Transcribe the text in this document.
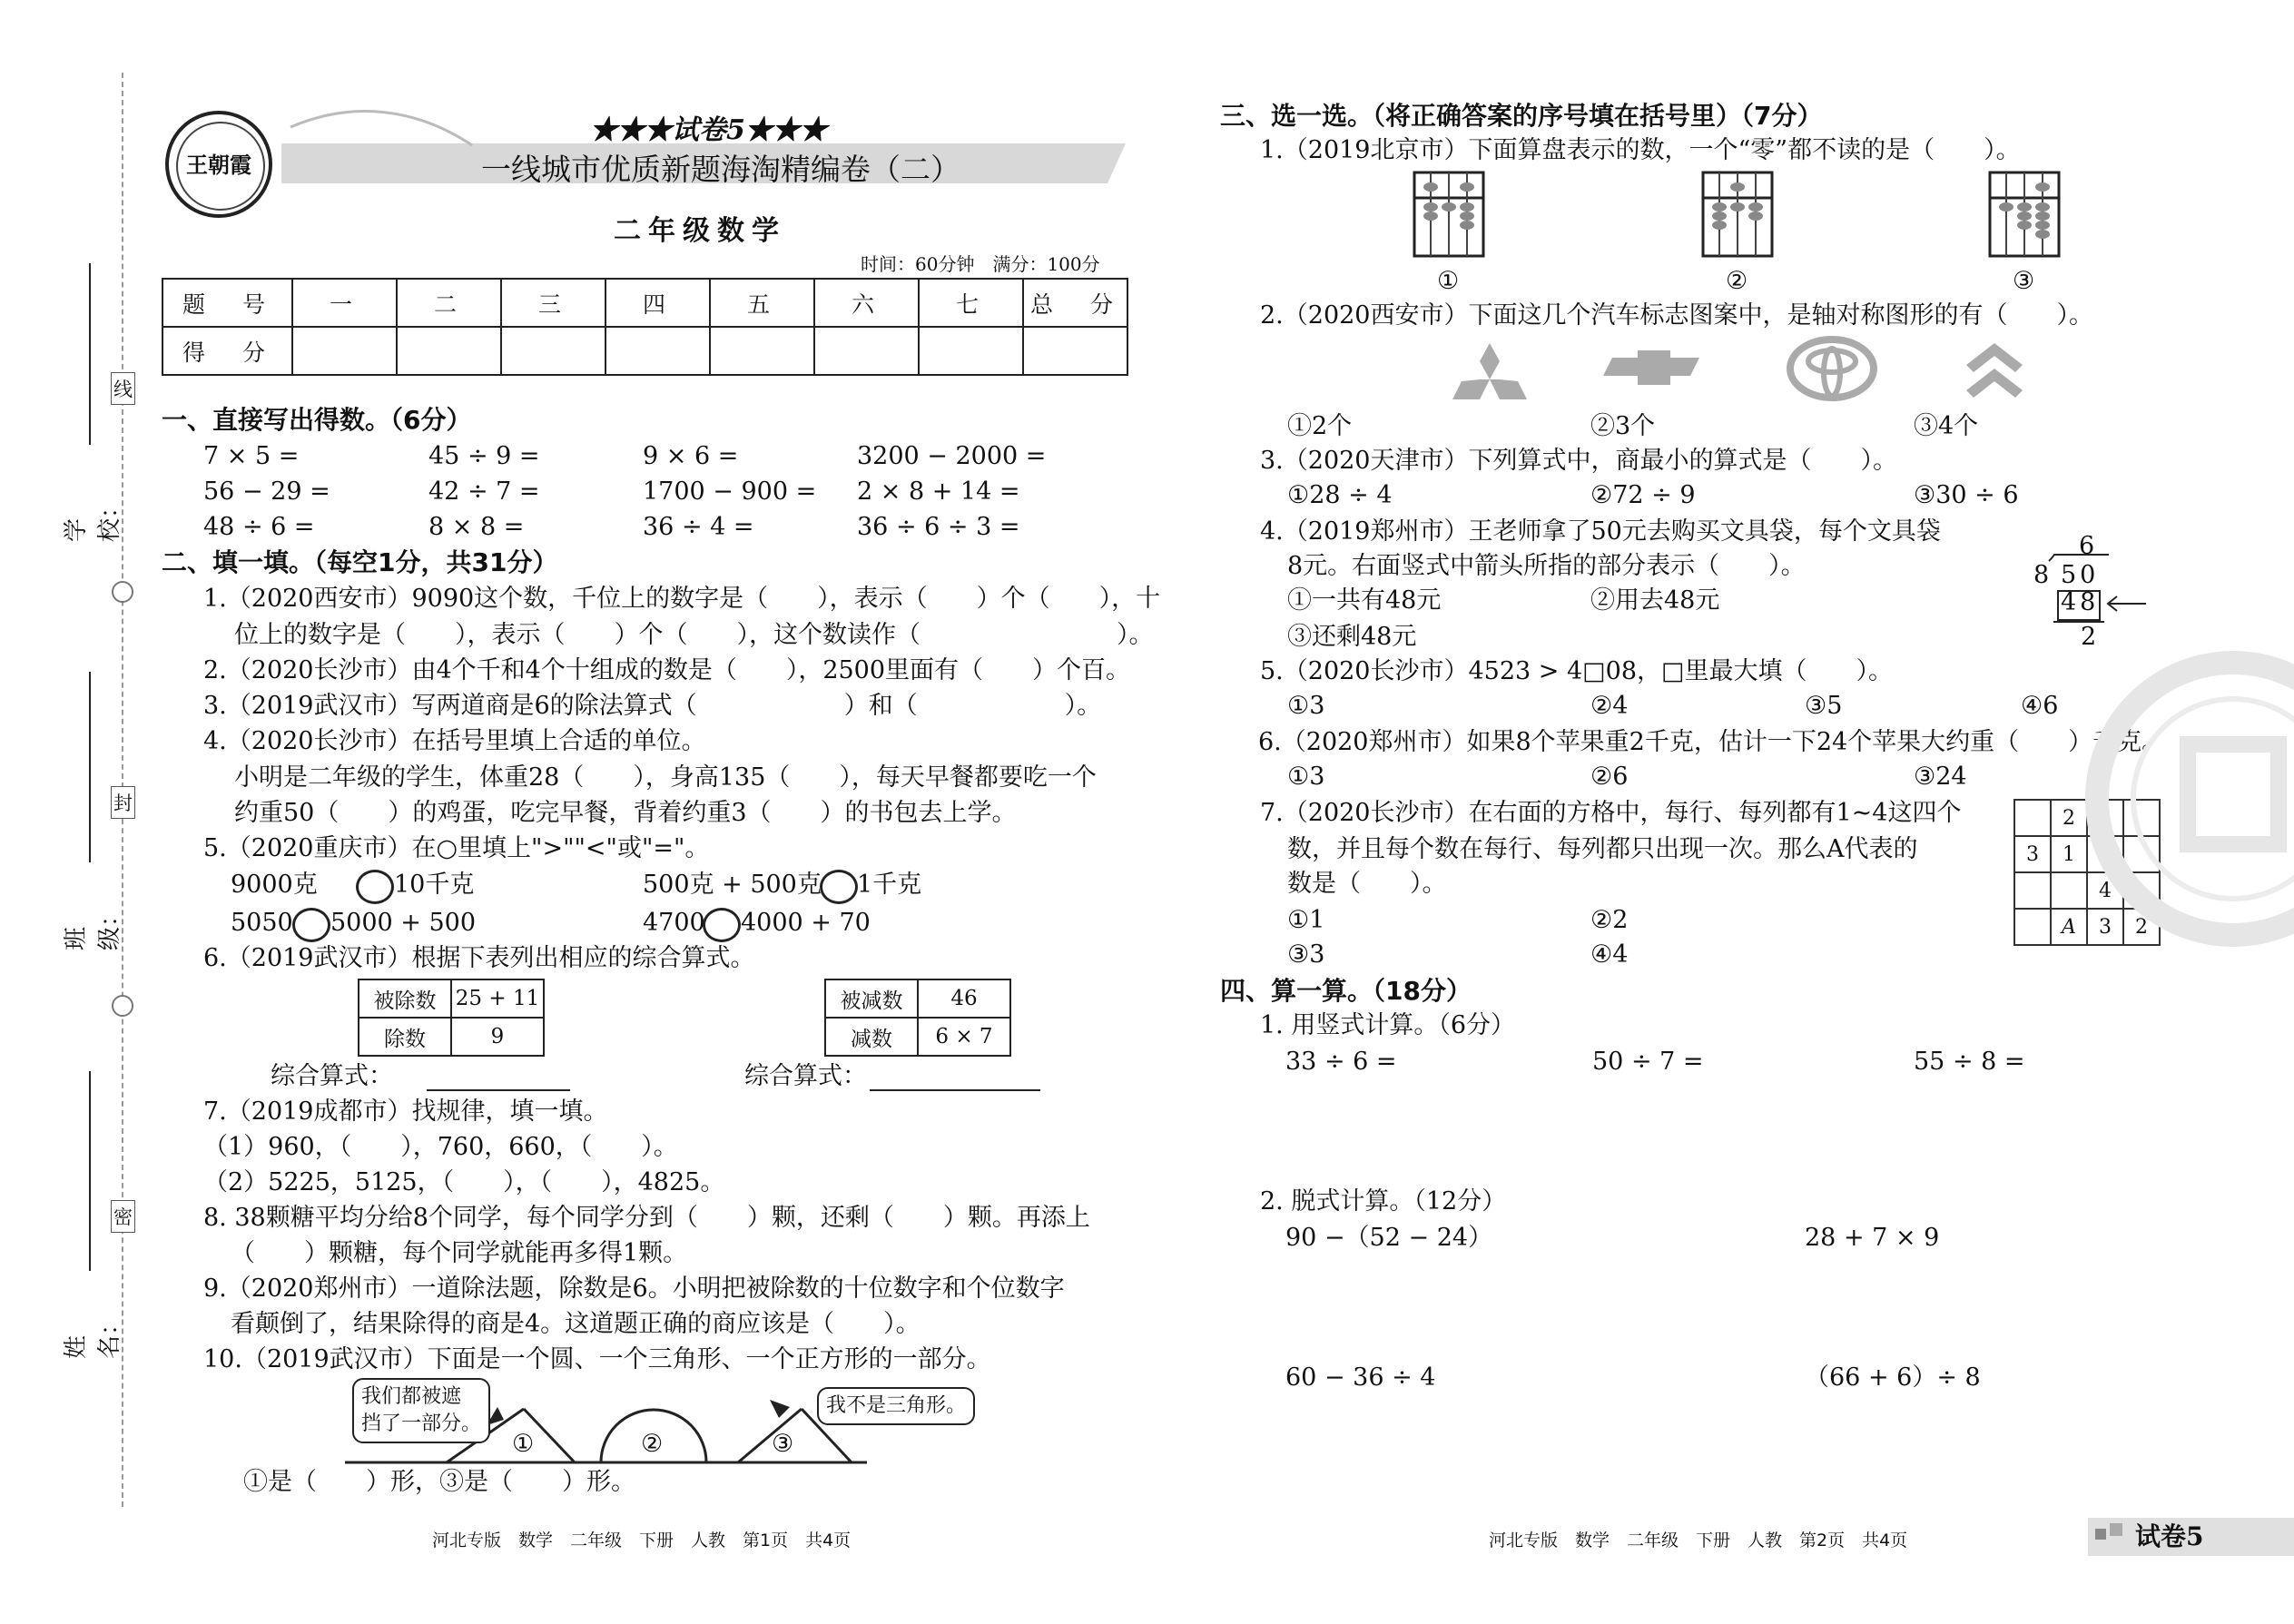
学校：
班级：
姓名：
线
封
密
王朝霞
★★★试卷5★★★
一线城市优质新题海淘精编卷（二）
二年级数学
时间：60分钟　满分：100分
题　号	一	二	三	四	五	六	七	总　分
得　分								
一、直接写出得数。（6分）
7 × 5 =	45 ÷ 9 =	9 × 6 =	3200 − 2000 =
56 − 29 =	42 ÷ 7 =	1700 − 900 = 2 × 8 + 14 =
48 ÷ 6 =	8 × 8 =	36 ÷ 4 =	36 ÷ 6 ÷ 3 =
二、填一填。（每空1分，共31分）
1.（2020西安市）9090这个数，千位上的数字是（　　），表示（　　）个（　　），十
位上的数字是（　　），表示（　　）个（　　），这个数读作（　　　　　　　　）。
2.（2020长沙市）由4个千和4个十组成的数是（　　），2500里面有（　　）个百。
3.（2019武汉市）写两道商是6的除法算式（　　　　　　）和（　　　　　　）。
4.（2020长沙市）在括号里填上合适的单位。
小明是二年级的学生，体重28（　　），身高135（　　），每天早餐都要吃一个
约重50（　　）的鸡蛋，吃完早餐，背着约重3（　　）的书包去上学。
5.（2020重庆市）在○里填上">""<"或"="。
9000克	10千克	500克 + 500克 1千克
5050 5000 + 500	4700 4000 + 70
6.（2019武汉市）根据下表列出相应的综合算式。
被除数	25 + 11
除数	9
被减数	46
减数	6 × 7
综合算式：	综合算式：
7.（2019成都市）找规律，填一填。
（1）960，（　　），760，660，（　　）。
（2）5225，5125，（　　），（　　），4825。
8. 38颗糖平均分给8个同学，每个同学分到（　　）颗，还剩（　　）颗。再添上
（　　）颗糖，每个同学就能再多得1颗。
9.（2020郑州市）一道除法题，除数是6。小明把被除数的十位数字和个位数字
看颠倒了，结果除得的商是4。这道题正确的商应该是（　　）。
10.（2019武汉市）下面是一个圆、一个三角形、一个正方形的一部分。
我们都被遮
挡了一部分。
我不是三角形。
①	②	③
①是（　　）形，③是（　　）形。
河北专版　数学　二年级　下册　人教　第1页　共4页
三、选一选。（将正确答案的序号填在括号里）（7分）
1.（2019北京市）下面算盘表示的数，一个“零”都不读的是（　　）。
①	②	③
2.（2020西安市）下面这几个汽车标志图案中，是轴对称图形的有（　　）。
①2个	②3个	③4个
3.（2020天津市）下列算式中，商最小的算式是（　　）。
①28 ÷ 4	②72 ÷ 9	③30 ÷ 6
4.（2019郑州市）王老师拿了50元去购买文具袋，每个文具袋
8元。右面竖式中箭头所指的部分表示（　　）。
①一共有48元	②用去48元
③还剩48元
6
8 50
48
2
5.（2020长沙市）4523 > 4□08，□里最大填（　　）。
①3	②4	③5	④6
6.（2020郑州市）如果8个苹果重2千克，估计一下24个苹果大约重（　　）千克。
①3	②6	③24
7.（2020长沙市）在右面的方格中，每行、每列都有1~4这四个
数，并且每个数在每行、每列都只出现一次。那么A代表的
数是（　　）。
①1	②2
③3	④4
	2	1	
3	1		
		4	
	A	3	2
四、算一算。（18分）
1. 用竖式计算。（6分）
33 ÷ 6 =	50 ÷ 7 =	55 ÷ 8 =
2. 脱式计算。（12分）
90 −（52 − 24）	28 + 7 × 9
60 − 36 ÷ 4	（66 + 6）÷ 8
河北专版　数学　二年级　下册　人教　第2页　共4页	试卷5
